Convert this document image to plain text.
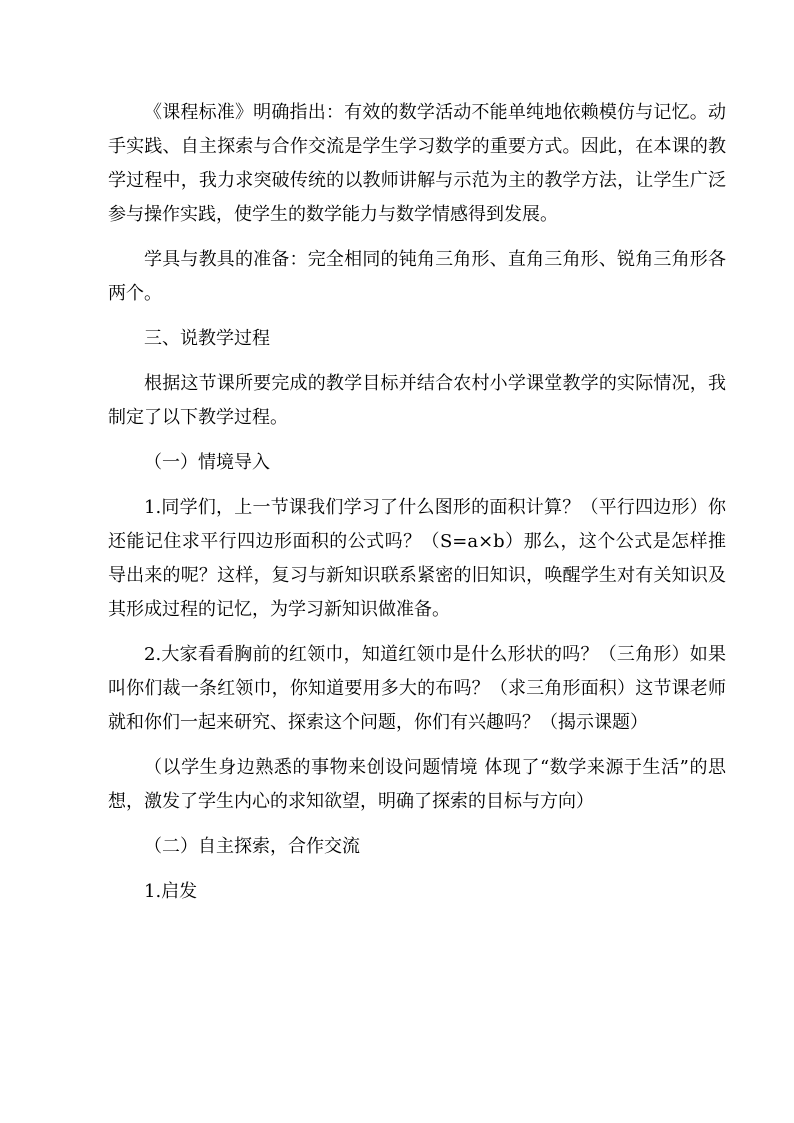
《课程标准》明确指出：有效的数学活动不能单纯地依赖模仿与记忆。动手实践、自主探索与合作交流是学生学习数学的重要方式。因此，在本课的教学过程中，我力求突破传统的以教师讲解与示范为主的教学方法，让学生广泛参与操作实践，使学生的数学能力与数学情感得到发展。

学具与教具的准备：完全相同的钝角三角形、直角三角形、锐角三角形各两个。

三、说教学过程

根据这节课所要完成的教学目标并结合农村小学课堂教学的实际情况，我制定了以下教学过程。

（一）情境导入

1.同学们，上一节课我们学习了什么图形的面积计算？（平行四边形）你还能记住求平行四边形面积的公式吗？（S=a×b）那么，这个公式是怎样推导出来的呢？这样，复习与新知识联系紧密的旧知识，唤醒学生对有关知识及其形成过程的记忆，为学习新知识做准备。

2.大家看看胸前的红领巾，知道红领巾是什么形状的吗？（三角形）如果叫你们裁一条红领巾，你知道要用多大的布吗？（求三角形面积）这节课老师就和你们一起来研究、探索这个问题，你们有兴趣吗？（揭示课题）

（以学生身边熟悉的事物来创设问题情境 体现了“数学来源于生活”的思想，激发了学生内心的求知欲望，明确了探索的目标与方向）

（二）自主探索，合作交流

1.启发
